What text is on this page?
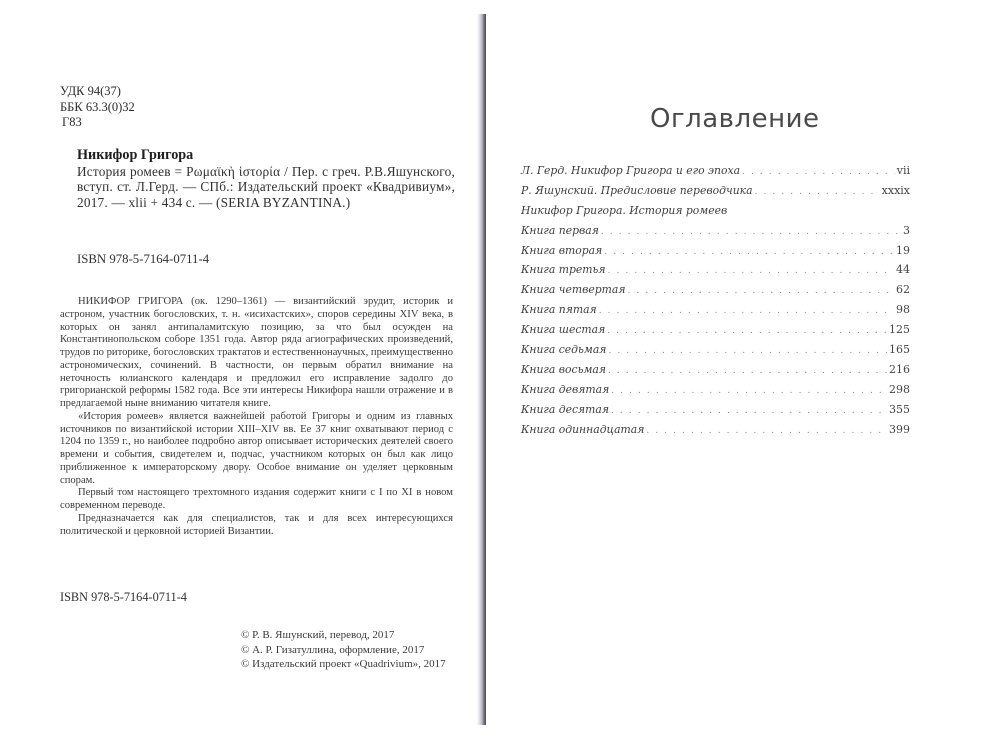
УДК 94(37)
ББК 63.3(0)32
Г83
Никифор Григора
История ромеев = Ρωμαϊκὴ ἱστορία / Пер. с греч. Р.В.Яшунского, вступ. ст. Л.Герд. — СПб.: Издательский проект «Квадривиум», 2017. — xlii + 434 с. — (SERIA BYZANTINA.)
ISBN 978-5-7164-0711-4

НИКИФОР ГРИГОРА (ок. 1290–1361) — византийский эрудит, историк и астроном, участник богословских, т. н. «исихастских», споров середины XIV века, в которых он занял антипаламитскую позицию, за что был осужден на Константинопольском соборе 1351 года. Автор ряда агиографических произведений, трудов по риторике, богословских трактатов и естественнонаучных, преимущественно астрономических, сочинений. В частности, он первым обратил внимание на неточность юлианского календаря и предложил его исправление задолго до григорианской реформы 1582 года. Все эти интересы Никифора нашли отражение и в предлагаемой ныне вниманию читателя книге.

«История ромеев» является важнейшей работой Григоры и одним из главных источников по византийской истории XIII–XIV вв. Ее 37 книг охватывают период с 1204 по 1359 г., но наиболее подробно автор описывает исторических деятелей своего времени и события, свидетелем и, подчас, участником которых он был как лицо приближенное к императорскому двору. Особое внимание он уделяет церковным спорам.

Первый том настоящего трехтомного издания содержит книги с I по XI в новом современном переводе.

Предназначается как для специалистов, так и для всех интересующихся политической и церковной историей Византии.

ISBN 978-5-7164-0711-4
© Р. В. Яшунский, перевод, 2017
© А. Р. Гизатуллина, оформление, 2017
© Издательский проект «Quadrivium», 2017
Оглавление
Л. Герд. Никифор Григора и его эпоха . . .	vii
Р. Яшунский. Предисловие переводчика . . .	xxxix
Никифор Григора. История ромеев
Книга первая . . .	3
Книга вторая . . .	19
Книга третья . . .	44
Книга четвертая . . .	62
Книга пятая . . .	98
Книга шестая . . .	125
Книга седьмая . . .	165
Книга восьмая . . .	216
Книга девятая . . .	298
Книга десятая . . .	355
Книга одиннадцатая . . .	399
